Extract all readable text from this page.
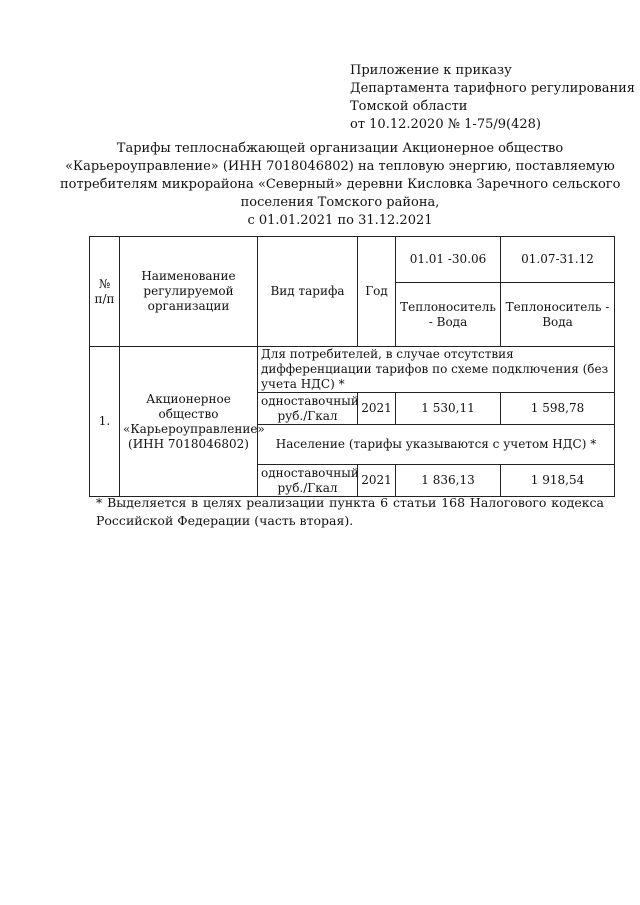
Приложение к приказу
Департамента тарифного регулирования
Томской области
от 10.12.2020 № 1-75/9(428)
Тарифы теплоснабжающей организации Акционерное общество
«Карьероуправление» (ИНН 7018046802) на тепловую энергию, поставляемую
потребителям микрорайона «Северный» деревни Кисловка Заречного сельского
поселения Томского района,
с 01.01.2021 по 31.12.2021
№ п/п	Наименование регулируемой организации	Вид тарифа	Год	01.01 -30.06	01.07-31.12
				Теплоноситель - Вода	Теплоноситель - Вода
1.	Акционерное общество «Карьероуправление» (ИНН 7018046802)	Для потребителей, в случае отсутствия дифференциации тарифов по схеме подключения (без учета НДС) *			
		одноставочный руб./Гкал	2021	1 530,11	1 598,78
		Население (тарифы указываются с учетом НДС) *			
		одноставочный руб./Гкал	2021	1 836,13	1 918,54
* Выделяется в целях реализации пункта 6 статьи 168 Налогового кодекса Российской Федерации (часть вторая).
